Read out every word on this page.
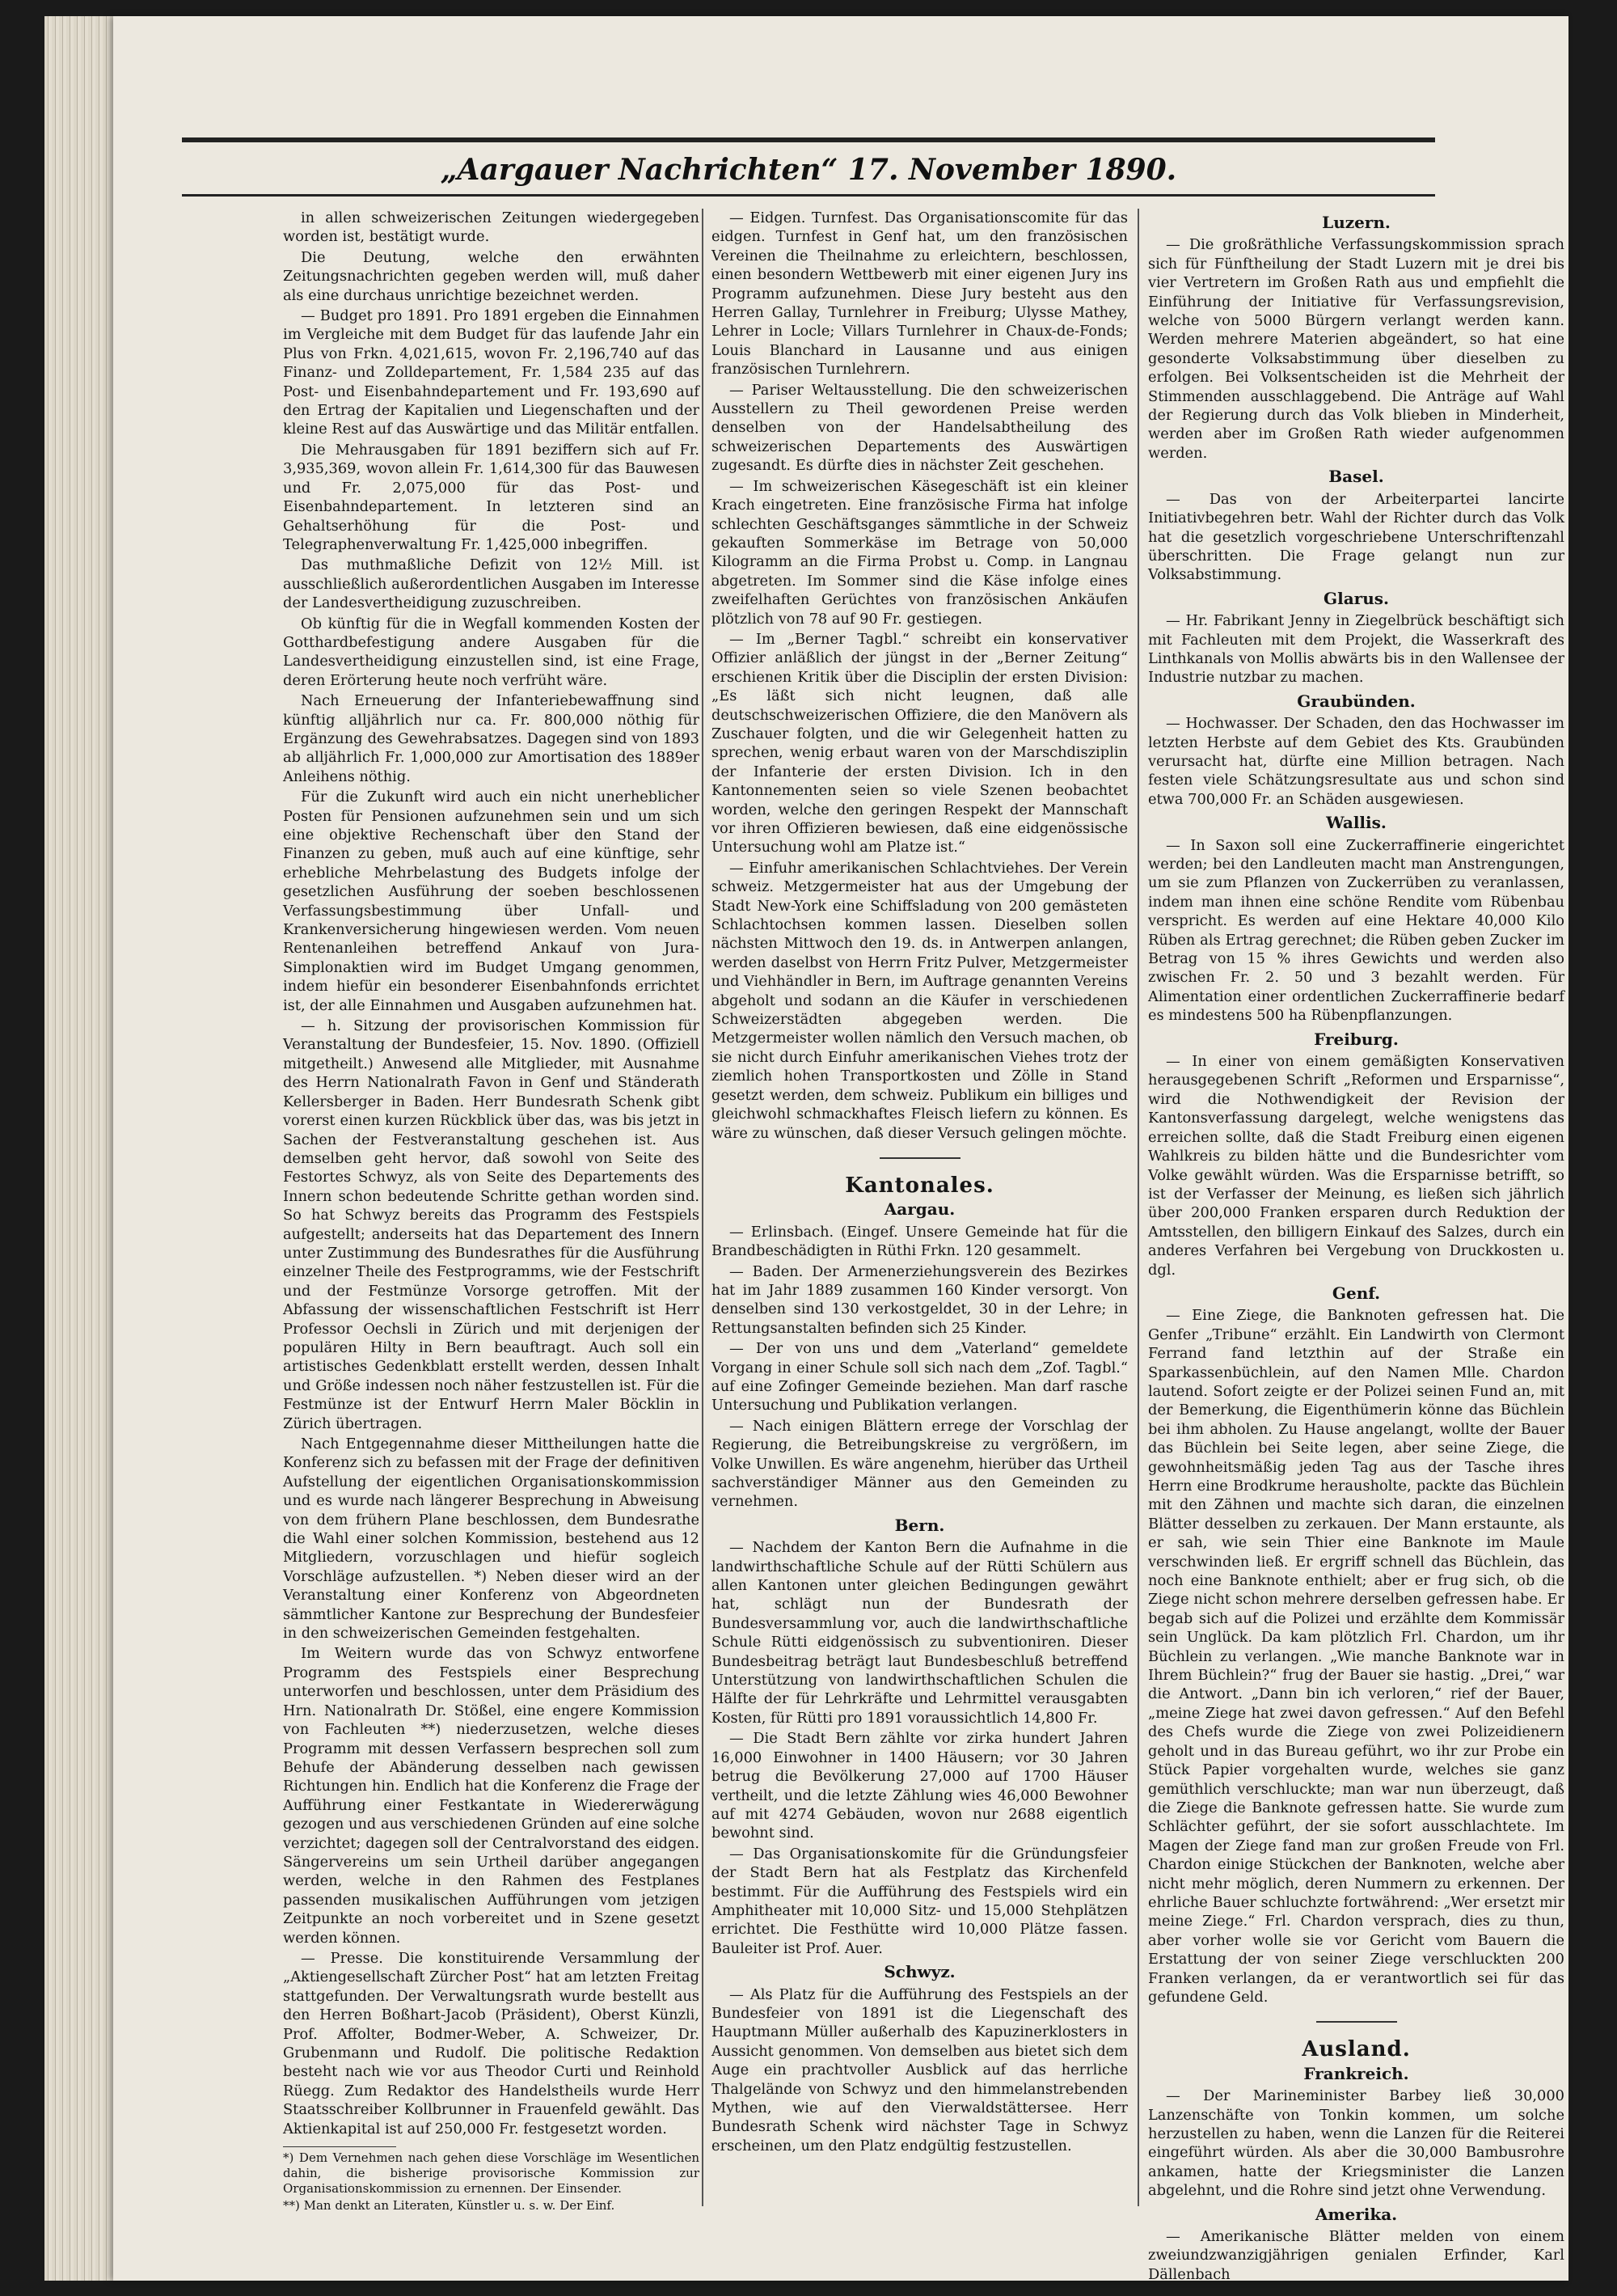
„Aargauer Nachrichten“ 17. November 1890.

in allen schweizerischen Zeitungen wiedergegeben worden ist, bestätigt wurde.

Die Deutung, welche den erwähnten Zeitungsnachrichten gegeben werden will, muß daher als eine durchaus unrichtige bezeichnet werden.

— Budget pro 1891. Pro 1891 ergeben die Einnahmen im Vergleiche mit dem Budget für das laufende Jahr ein Plus von Frkn. 4,021,615, wovon Fr. 2,196,740 auf das Finanz- und Zolldepartement, Fr. 1,584 235 auf das Post- und Eisenbahndepartement und Fr. 193,690 auf den Ertrag der Kapitalien und Liegenschaften und der kleine Rest auf das Auswärtige und das Militär entfallen.

Die Mehrausgaben für 1891 beziffern sich auf Fr. 3,935,369, wovon allein Fr. 1,614,300 für das Bauwesen und Fr. 2,075,000 für das Post- und Eisenbahndepartement. In letzteren sind an Gehaltserhöhung für die Post- und Telegraphenverwaltung Fr. 1,425,000 inbegriffen.

Das muthmaßliche Defizit von 12½ Mill. ist ausschließlich außerordentlichen Ausgaben im Interesse der Landesvertheidigung zuzuschreiben.

Ob künftig für die in Wegfall kommenden Kosten der Gotthardbefestigung andere Ausgaben für die Landesvertheidigung einzustellen sind, ist eine Frage, deren Erörterung heute noch verfrüht wäre.

Nach Erneuerung der Infanteriebewaffnung sind künftig alljährlich nur ca. Fr. 800,000 nöthig für Ergänzung des Gewehrabsatzes. Dagegen sind von 1893 ab alljährlich Fr. 1,000,000 zur Amortisation des 1889er Anleihens nöthig.

Für die Zukunft wird auch ein nicht unerheblicher Posten für Pensionen aufzunehmen sein und um sich eine objektive Rechenschaft über den Stand der Finanzen zu geben, muß auch auf eine künftige, sehr erhebliche Mehrbelastung des Budgets infolge der gesetzlichen Ausführung der soeben beschlossenen Verfassungsbestimmung über Unfall- und Krankenversicherung hingewiesen werden. Vom neuen Rentenanleihen betreffend Ankauf von Jura-Simplonaktien wird im Budget Umgang genommen, indem hiefür ein besonderer Eisenbahnfonds errichtet ist, der alle Einnahmen und Ausgaben aufzunehmen hat.

— h. Sitzung der provisorischen Kommission für Veranstaltung der Bundesfeier, 15. Nov. 1890. (Offiziell mitgetheilt.) Anwesend alle Mitglieder, mit Ausnahme des Herrn Nationalrath Favon in Genf und Ständerath Kellersberger in Baden. Herr Bundesrath Schenk gibt vorerst einen kurzen Rückblick über das, was bis jetzt in Sachen der Festveranstaltung geschehen ist. Aus demselben geht hervor, daß sowohl von Seite des Festortes Schwyz, als von Seite des Departements des Innern schon bedeutende Schritte gethan worden sind. So hat Schwyz bereits das Programm des Festspiels aufgestellt; anderseits hat das Departement des Innern unter Zustimmung des Bundesrathes für die Ausführung einzelner Theile des Festprogramms, wie der Festschrift und der Festmünze Vorsorge getroffen. Mit der Abfassung der wissenschaftlichen Festschrift ist Herr Professor Oechsli in Zürich und mit derjenigen der populären Hilty in Bern beauftragt. Auch soll ein artistisches Gedenkblatt erstellt werden, dessen Inhalt und Größe indessen noch näher festzustellen ist. Für die Festmünze ist der Entwurf Herrn Maler Böcklin in Zürich übertragen.

Nach Entgegennahme dieser Mittheilungen hatte die Konferenz sich zu befassen mit der Frage der definitiven Aufstellung der eigentlichen Organisationskommission und es wurde nach längerer Besprechung in Abweisung von dem frühern Plane beschlossen, dem Bundesrathe die Wahl einer solchen Kommission, bestehend aus 12 Mitgliedern, vorzuschlagen und hiefür sogleich Vorschläge aufzustellen. *) Neben dieser wird an der Veranstaltung einer Konferenz von Abgeordneten sämmtlicher Kantone zur Besprechung der Bundesfeier in den schweizerischen Gemeinden festgehalten.

Im Weitern wurde das von Schwyz entworfene Programm des Festspiels einer Besprechung unterworfen und beschlossen, unter dem Präsidium des Hrn. Nationalrath Dr. Stößel, eine engere Kommission von Fachleuten **) niederzusetzen, welche dieses Programm mit dessen Verfassern besprechen soll zum Behufe der Abänderung desselben nach gewissen Richtungen hin. Endlich hat die Konferenz die Frage der Aufführung einer Festkantate in Wiedererwägung gezogen und aus verschiedenen Gründen auf eine solche verzichtet; dagegen soll der Centralvorstand des eidgen. Sängervereins um sein Urtheil darüber angegangen werden, welche in den Rahmen des Festplanes passenden musikalischen Aufführungen vom jetzigen Zeitpunkte an noch vorbereitet und in Szene gesetzt werden können.

— Presse. Die konstituirende Versammlung der „Aktiengesellschaft Zürcher Post“ hat am letzten Freitag stattgefunden. Der Verwaltungsrath wurde bestellt aus den Herren Boßhart-Jacob (Präsident), Oberst Künzli, Prof. Affolter, Bodmer-Weber, A. Schweizer, Dr. Grubenmann und Rudolf. Die politische Redaktion besteht nach wie vor aus Theodor Curti und Reinhold Rüegg. Zum Redaktor des Handelstheils wurde Herr Staatsschreiber Kollbrunner in Frauenfeld gewählt. Das Aktienkapital ist auf 250,000 Fr. festgesetzt worden.

*) Dem Vernehmen nach gehen diese Vorschläge im Wesentlichen dahin, die bisherige provisorische Kommission zur Organisationskommission zu ernennen. Der Einsender.

**) Man denkt an Literaten, Künstler u. s. w. Der Einf.

— Eidgen. Turnfest. Das Organisationscomite für das eidgen. Turnfest in Genf hat, um den französischen Vereinen die Theilnahme zu erleichtern, beschlossen, einen besondern Wettbewerb mit einer eigenen Jury ins Programm aufzunehmen. Diese Jury besteht aus den Herren Gallay, Turnlehrer in Freiburg; Ulysse Mathey, Lehrer in Locle; Villars Turnlehrer in Chaux-de-Fonds; Louis Blanchard in Lausanne und aus einigen französischen Turnlehrern.

— Pariser Weltausstellung. Die den schweizerischen Ausstellern zu Theil gewordenen Preise werden denselben von der Handelsabtheilung des schweizerischen Departements des Auswärtigen zugesandt. Es dürfte dies in nächster Zeit geschehen.

— Im schweizerischen Käsegeschäft ist ein kleiner Krach eingetreten. Eine französische Firma hat infolge schlechten Geschäftsganges sämmtliche in der Schweiz gekauften Sommerkäse im Betrage von 50,000 Kilogramm an die Firma Probst u. Comp. in Langnau abgetreten. Im Sommer sind die Käse infolge eines zweifelhaften Gerüchtes von französischen Ankäufen plötzlich von 78 auf 90 Fr. gestiegen.

— Im „Berner Tagbl.“ schreibt ein konservativer Offizier anläßlich der jüngst in der „Berner Zeitung“ erschienen Kritik über die Disciplin der ersten Division: „Es läßt sich nicht leugnen, daß alle deutschschweizerischen Offiziere, die den Manövern als Zuschauer folgten, und die wir Gelegenheit hatten zu sprechen, wenig erbaut waren von der Marschdisziplin der Infanterie der ersten Division. Ich in den Kantonnementen seien so viele Szenen beobachtet worden, welche den geringen Respekt der Mannschaft vor ihren Offizieren bewiesen, daß eine eidgenössische Untersuchung wohl am Platze ist.“

— Einfuhr amerikanischen Schlachtviehes. Der Verein schweiz. Metzgermeister hat aus der Umgebung der Stadt New-York eine Schiffsladung von 200 gemästeten Schlachtochsen kommen lassen. Dieselben sollen nächsten Mittwoch den 19. ds. in Antwerpen anlangen, werden daselbst von Herrn Fritz Pulver, Metzgermeister und Viehhändler in Bern, im Auftrage genannten Vereins abgeholt und sodann an die Käufer in verschiedenen Schweizerstädten abgegeben werden. Die Metzgermeister wollen nämlich den Versuch machen, ob sie nicht durch Einfuhr amerikanischen Viehes trotz der ziemlich hohen Transportkosten und Zölle in Stand gesetzt werden, dem schweiz. Publikum ein billiges und gleichwohl schmackhaftes Fleisch liefern zu können. Es wäre zu wünschen, daß dieser Versuch gelingen möchte.

Kantonales.
Aargau.

— Erlinsbach. (Eingef. Unsere Gemeinde hat für die Brandbeschädigten in Rüthi Frkn. 120 gesammelt.

— Baden. Der Armenerziehungsverein des Bezirkes hat im Jahr 1889 zusammen 160 Kinder versorgt. Von denselben sind 130 verkostgeldet, 30 in der Lehre; in Rettungsanstalten befinden sich 25 Kinder.

— Der von uns und dem „Vaterland“ gemeldete Vorgang in einer Schule soll sich nach dem „Zof. Tagbl.“ auf eine Zofinger Gemeinde beziehen. Man darf rasche Untersuchung und Publikation verlangen.

— Nach einigen Blättern errege der Vorschlag der Regierung, die Betreibungskreise zu vergrößern, im Volke Unwillen. Es wäre angenehm, hierüber das Urtheil sachverständiger Männer aus den Gemeinden zu vernehmen.

Bern.

— Nachdem der Kanton Bern die Aufnahme in die landwirthschaftliche Schule auf der Rütti Schülern aus allen Kantonen unter gleichen Bedingungen gewährt hat, schlägt nun der Bundesrath der Bundesversammlung vor, auch die landwirthschaftliche Schule Rütti eidgenössisch zu subventioniren. Dieser Bundesbeitrag beträgt laut Bundesbeschluß betreffend Unterstützung von landwirthschaftlichen Schulen die Hälfte der für Lehrkräfte und Lehrmittel verausgabten Kosten, für Rütti pro 1891 voraussichtlich 14,800 Fr.

— Die Stadt Bern zählte vor zirka hundert Jahren 16,000 Einwohner in 1400 Häusern; vor 30 Jahren betrug die Bevölkerung 27,000 auf 1700 Häuser vertheilt, und die letzte Zählung wies 46,000 Bewohner auf mit 4274 Gebäuden, wovon nur 2688 eigentlich bewohnt sind.

— Das Organisationskomite für die Gründungsfeier der Stadt Bern hat als Festplatz das Kirchenfeld bestimmt. Für die Aufführung des Festspiels wird ein Amphitheater mit 10,000 Sitz- und 15,000 Stehplätzen errichtet. Die Festhütte wird 10,000 Plätze fassen. Bauleiter ist Prof. Auer.

Schwyz.

— Als Platz für die Aufführung des Festspiels an der Bundesfeier von 1891 ist die Liegenschaft des Hauptmann Müller außerhalb des Kapuzinerklosters in Aussicht genommen. Von demselben aus bietet sich dem Auge ein prachtvoller Ausblick auf das herrliche Thalgelände von Schwyz und den himmelanstrebenden Mythen, wie auf den Vierwaldstättersee. Herr Bundesrath Schenk wird nächster Tage in Schwyz erscheinen, um den Platz endgültig festzustellen.

Luzern.

— Die großräthliche Verfassungskommission sprach sich für Fünftheilung der Stadt Luzern mit je drei bis vier Vertretern im Großen Rath aus und empfiehlt die Einführung der Initiative für Verfassungsrevision, welche von 5000 Bürgern verlangt werden kann. Werden mehrere Materien abgeändert, so hat eine gesonderte Volksabstimmung über dieselben zu erfolgen. Bei Volksentscheiden ist die Mehrheit der Stimmenden ausschlaggebend. Die Anträge auf Wahl der Regierung durch das Volk blieben in Minderheit, werden aber im Großen Rath wieder aufgenommen werden.

Basel.

— Das von der Arbeiterpartei lancirte Initiativbegehren betr. Wahl der Richter durch das Volk hat die gesetzlich vorgeschriebene Unterschriftenzahl überschritten. Die Frage gelangt nun zur Volksabstimmung.

Glarus.

— Hr. Fabrikant Jenny in Ziegelbrück beschäftigt sich mit Fachleuten mit dem Projekt, die Wasserkraft des Linthkanals von Mollis abwärts bis in den Wallensee der Industrie nutzbar zu machen.

Graubünden.

— Hochwasser. Der Schaden, den das Hochwasser im letzten Herbste auf dem Gebiet des Kts. Graubünden verursacht hat, dürfte eine Million betragen. Nach festen viele Schätzungsresultate aus und schon sind etwa 700,000 Fr. an Schäden ausgewiesen.

Wallis.

— In Saxon soll eine Zuckerraffinerie eingerichtet werden; bei den Landleuten macht man Anstrengungen, um sie zum Pflanzen von Zuckerrüben zu veranlassen, indem man ihnen eine schöne Rendite vom Rübenbau verspricht. Es werden auf eine Hektare 40,000 Kilo Rüben als Ertrag gerechnet; die Rüben geben Zucker im Betrag von 15 % ihres Gewichts und werden also zwischen Fr. 2. 50 und 3 bezahlt werden. Für Alimentation einer ordentlichen Zuckerraffinerie bedarf es mindestens 500 ha Rübenpflanzungen.

Freiburg.

— In einer von einem gemäßigten Konservativen herausgegebenen Schrift „Reformen und Ersparnisse“, wird die Nothwendigkeit der Revision der Kantonsverfassung dargelegt, welche wenigstens das erreichen sollte, daß die Stadt Freiburg einen eigenen Wahlkreis zu bilden hätte und die Bundesrichter vom Volke gewählt würden. Was die Ersparnisse betrifft, so ist der Verfasser der Meinung, es ließen sich jährlich über 200,000 Franken ersparen durch Reduktion der Amtsstellen, den billigern Einkauf des Salzes, durch ein anderes Verfahren bei Vergebung von Druckkosten u. dgl.

Genf.

— Eine Ziege, die Banknoten gefressen hat. Die Genfer „Tribune“ erzählt. Ein Landwirth von Clermont Ferrand fand letzthin auf der Straße ein Sparkassenbüchlein, auf den Namen Mlle. Chardon lautend. Sofort zeigte er der Polizei seinen Fund an, mit der Bemerkung, die Eigenthümerin könne das Büchlein bei ihm abholen. Zu Hause angelangt, wollte der Bauer das Büchlein bei Seite legen, aber seine Ziege, die gewohnheitsmäßig jeden Tag aus der Tasche ihres Herrn eine Brodkrume herausholte, packte das Büchlein mit den Zähnen und machte sich daran, die einzelnen Blätter desselben zu zerkauen. Der Mann erstaunte, als er sah, wie sein Thier eine Banknote im Maule verschwinden ließ. Er ergriff schnell das Büchlein, das noch eine Banknote enthielt; aber er frug sich, ob die Ziege nicht schon mehrere derselben gefressen habe. Er begab sich auf die Polizei und erzählte dem Kommissär sein Unglück. Da kam plötzlich Frl. Chardon, um ihr Büchlein zu verlangen. „Wie manche Banknote war in Ihrem Büchlein?“ frug der Bauer sie hastig. „Drei,“ war die Antwort. „Dann bin ich verloren,“ rief der Bauer, „meine Ziege hat zwei davon gefressen.“ Auf den Befehl des Chefs wurde die Ziege von zwei Polizeidienern geholt und in das Bureau geführt, wo ihr zur Probe ein Stück Papier vorgehalten wurde, welches sie ganz gemüthlich verschluckte; man war nun überzeugt, daß die Ziege die Banknote gefressen hatte. Sie wurde zum Schlächter geführt, der sie sofort ausschlachtete. Im Magen der Ziege fand man zur großen Freude von Frl. Chardon einige Stückchen der Banknoten, welche aber nicht mehr möglich, deren Nummern zu erkennen. Der ehrliche Bauer schluchzte fortwährend: „Wer ersetzt mir meine Ziege.“ Frl. Chardon versprach, dies zu thun, aber vorher wolle sie vor Gericht vom Bauern die Erstattung der von seiner Ziege verschluckten 200 Franken verlangen, da er verantwortlich sei für das gefundene Geld.

Ausland.
Frankreich.

— Der Marineminister Barbey ließ 30,000 Lanzenschäfte von Tonkin kommen, um solche herzustellen zu haben, wenn die Lanzen für die Reiterei eingeführt würden. Als aber die 30,000 Bambusrohre ankamen, hatte der Kriegsminister die Lanzen abgelehnt, und die Rohre sind jetzt ohne Verwendung.

Amerika.

— Amerikanische Blätter melden von einem zweiundzwanzigjährigen genialen Erfinder, Karl Dällenbach
